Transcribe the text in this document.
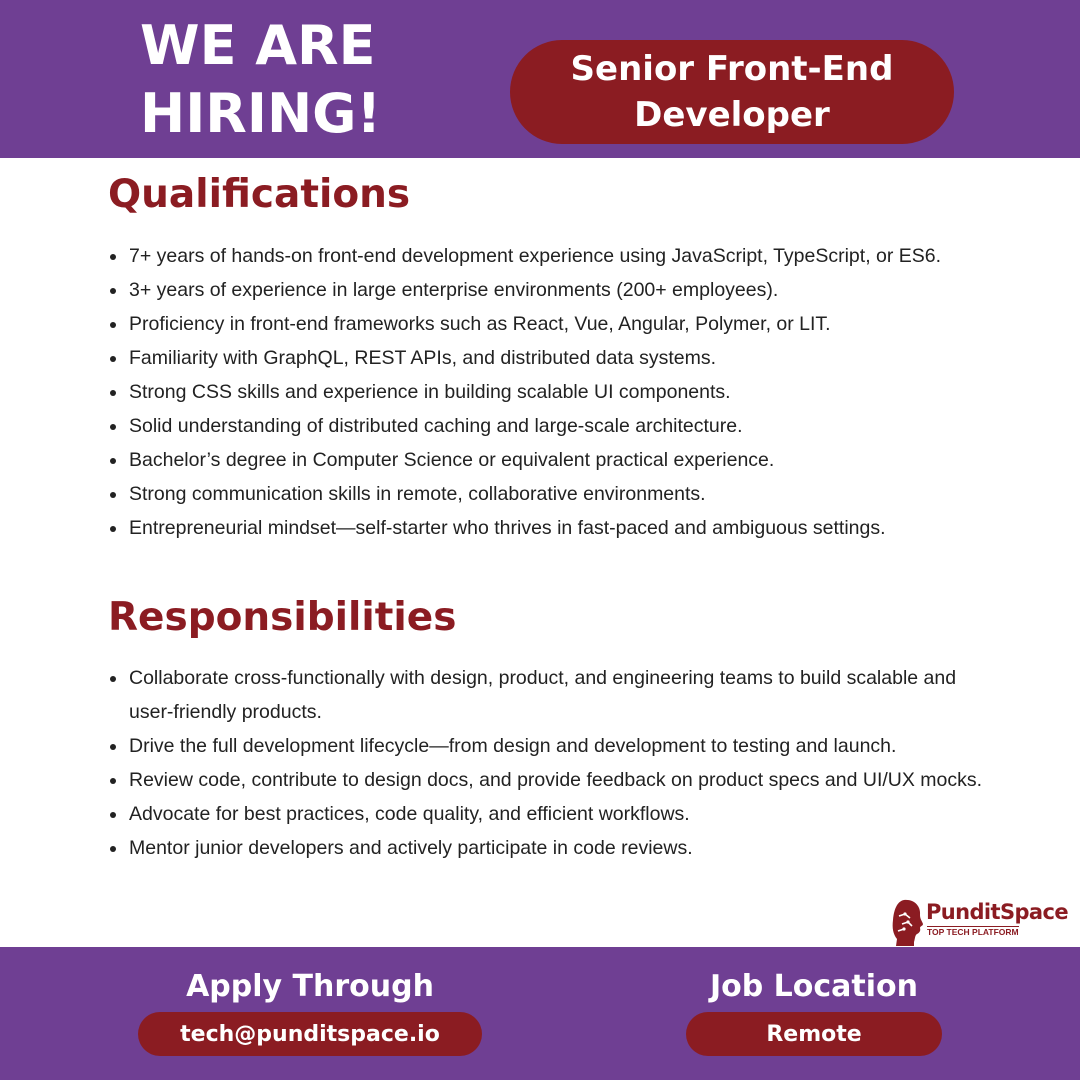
WE ARE
HIRING!
Senior Front-End
Developer
Qualifications
7+ years of hands-on front-end development experience using JavaScript, TypeScript, or ES6.
3+ years of experience in large enterprise environments (200+ employees).
Proficiency in front-end frameworks such as React, Vue, Angular, Polymer, or LIT.
Familiarity with GraphQL, REST APIs, and distributed data systems.
Strong CSS skills and experience in building scalable UI components.
Solid understanding of distributed caching and large-scale architecture.
Bachelor’s degree in Computer Science or equivalent practical experience.
Strong communication skills in remote, collaborative environments.
Entrepreneurial mindset—self-starter who thrives in fast-paced and ambiguous settings.
Responsibilities
Collaborate cross-functionally with design, product, and engineering teams to build scalable and user-friendly products.
Drive the full development lifecycle—from design and development to testing and launch.
Review code, contribute to design docs, and provide feedback on product specs and UI/UX mocks.
Advocate for best practices, code quality, and efficient workflows.
Mentor junior developers and actively participate in code reviews.
PunditSpace
TOP TECH PLATFORM
Apply Through
tech@punditspace.io
Job Location
Remote
